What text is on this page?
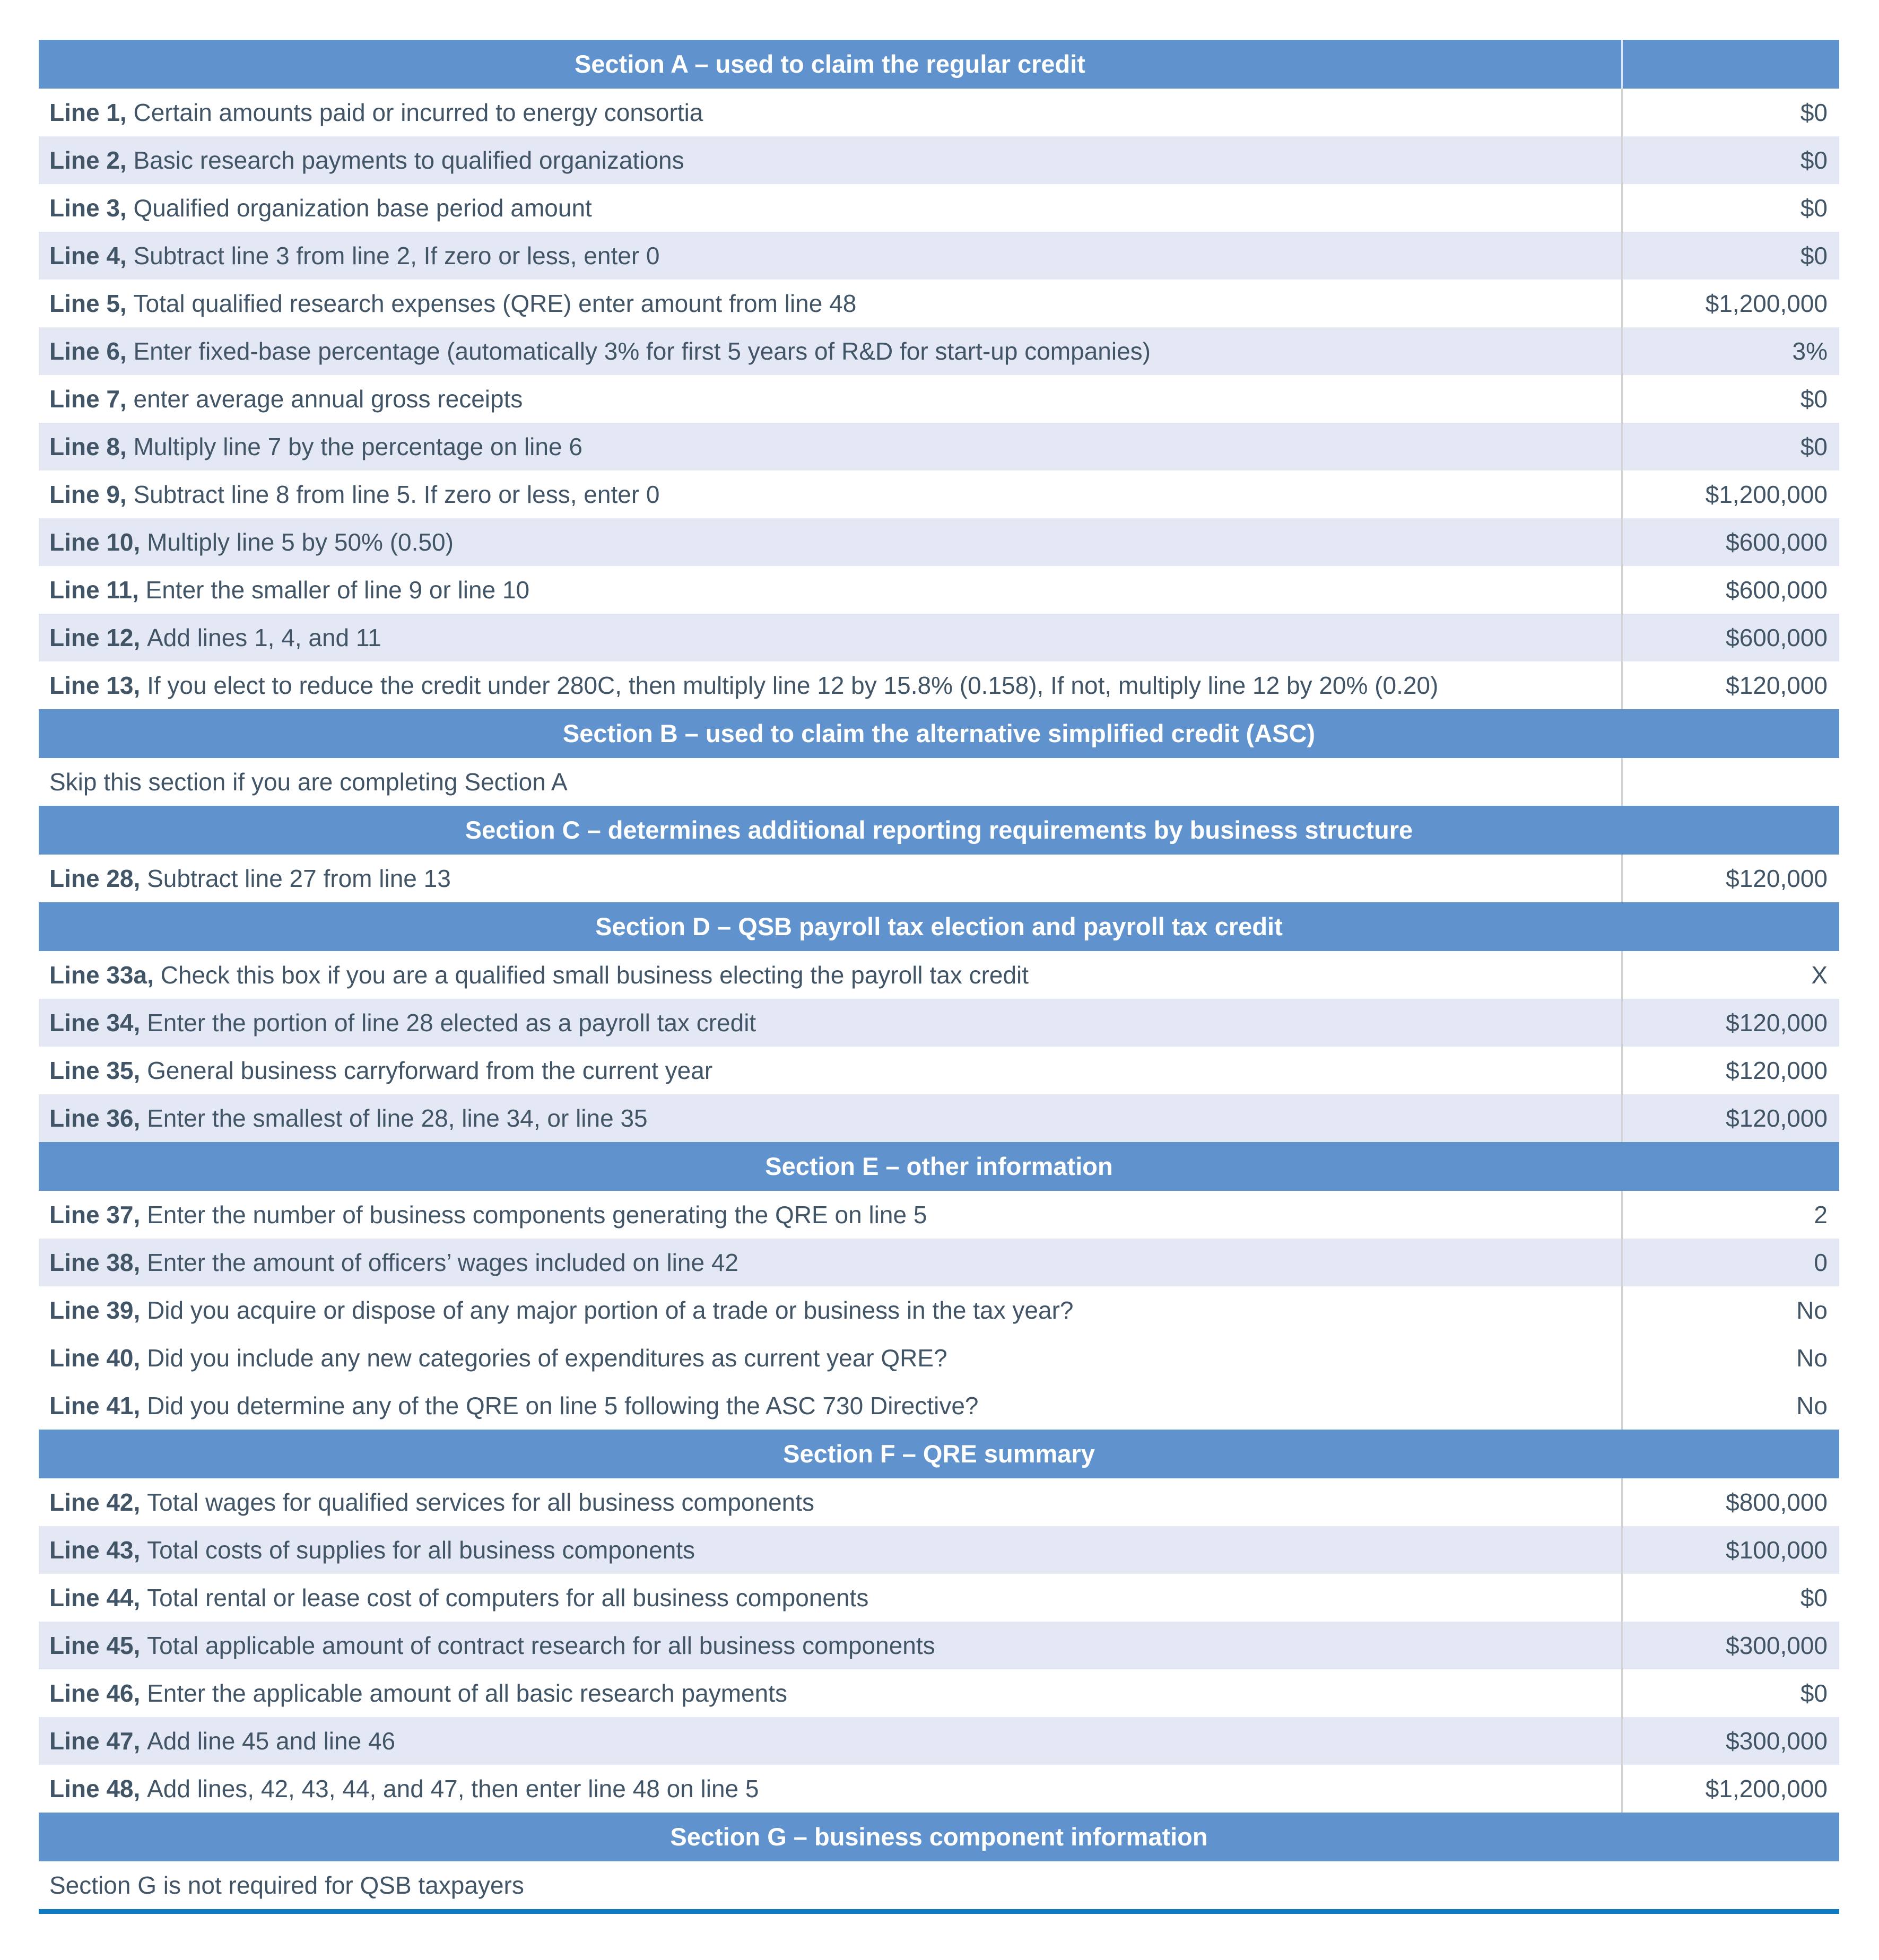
Section A – used to claim the regular credit
Line 1, Certain amounts paid or incurred to energy consortia	$0
Line 2, Basic research payments to qualified organizations	$0
Line 3, Qualified organization base period amount	$0
Line 4, Subtract line 3 from line 2, If zero or less, enter 0	$0
Line 5, Total qualified research expenses (QRE) enter amount from line 48	$1,200,000
Line 6, Enter fixed-base percentage (automatically 3% for first 5 years of R&D for start-up companies)	3%
Line 7, enter average annual gross receipts	$0
Line 8, Multiply line 7 by the percentage on line 6	$0
Line 9, Subtract line 8 from line 5. If zero or less, enter 0	$1,200,000
Line 10, Multiply line 5 by 50% (0.50)	$600,000
Line 11, Enter the smaller of line 9 or line 10	$600,000
Line 12, Add lines 1, 4, and 11	$600,000
Line 13, If you elect to reduce the credit under 280C, then multiply line 12 by 15.8% (0.158), If not, multiply line 12 by 20% (0.20)	$120,000
Section B – used to claim the alternative simplified credit (ASC)
Skip this section if you are completing Section A
Section C – determines additional reporting requirements by business structure
Line 28, Subtract line 27 from line 13	$120,000
Section D – QSB payroll tax election and payroll tax credit
Line 33a, Check this box if you are a qualified small business electing the payroll tax credit	X
Line 34, Enter the portion of line 28 elected as a payroll tax credit	$120,000
Line 35, General business carryforward from the current year	$120,000
Line 36, Enter the smallest of line 28, line 34, or line 35	$120,000
Section E – other information
Line 37, Enter the number of business components generating the QRE on line 5	2
Line 38, Enter the amount of officers’ wages included on line 42	0
Line 39, Did you acquire or dispose of any major portion of a trade or business in the tax year?	No
Line 40, Did you include any new categories of expenditures as current year QRE?	No
Line 41, Did you determine any of the QRE on line 5 following the ASC 730 Directive?	No
Section F – QRE summary
Line 42, Total wages for qualified services for all business components	$800,000
Line 43, Total costs of supplies for all business components	$100,000
Line 44, Total rental or lease cost of computers for all business components	$0
Line 45, Total applicable amount of contract research for all business components	$300,000
Line 46, Enter the applicable amount of all basic research payments	$0
Line 47, Add line 45 and line 46	$300,000
Line 48, Add lines, 42, 43, 44, and 47, then enter line 48 on line 5	$1,200,000
Section G – business component information
Section G is not required for QSB taxpayers
